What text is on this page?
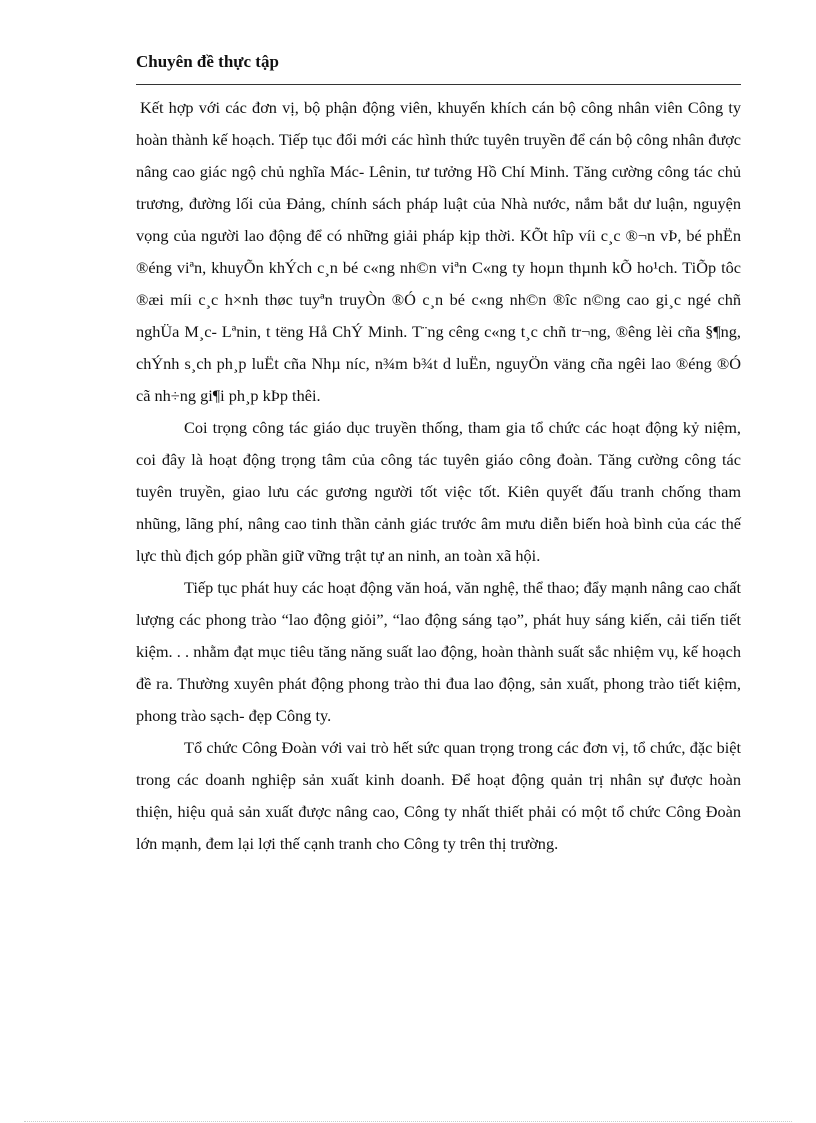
Chuyên đề thực tập

Kết hợp với các đơn vị, bộ phận động viên, khuyến khích cán bộ công nhân viên Công ty hoàn thành kế hoạch. Tiếp tục đổi mới các hình thức tuyên truyền để cán bộ công nhân được nâng cao giác ngộ chủ nghĩa Mác- Lênin, tư tưởng Hồ Chí Minh. Tăng cường công tác chủ trương, đường lối của Đảng, chính sách pháp luật của Nhà nước, nắm bắt dư luận, nguyện vọng của người lao động để có những giải pháp kịp thời. KÕt hîp víi c¸c ®¬n vÞ, bé phËn ®éng viªn, khuyÕn khÝch c¸n bé c«ng nh©n viªn C«ng ty hoµn thµnh kÕ ho¹ch. TiÕp tôc ®æi míi c¸c h×nh thøc tuyªn truyÒn ®Ó c¸n bé c«ng nh©n ®îc n©ng cao gi¸c ngé chñ nghÜa M¸c- Lªnin, t tëng Hå ChÝ Minh. T¨ng cêng c«ng t¸c chñ tr¬ng, ®êng lèi cña §¶ng, chÝnh s¸ch ph¸p luËt cña Nhµ níc, n¾m b¾t d luËn, nguyÖn väng cña ngêi lao ®éng ®Ó cã nh÷ng gi¶i ph¸p kÞp thêi.

Coi trọng công tác giáo dục truyền thống, tham gia tổ chức các hoạt động kỷ niệm, coi đây là hoạt động trọng tâm của công tác tuyên giáo công đoàn. Tăng cường công tác tuyên truyền, giao lưu các gương người tốt việc tốt. Kiên quyết đấu tranh chống tham nhũng, lãng phí, nâng cao tinh thần cảnh giác trước âm mưu diễn biến hoà bình của các thế lực thù địch góp phần giữ vững trật tự an ninh, an toàn xã hội.

Tiếp tục phát huy các hoạt động văn hoá, văn nghệ, thể thao; đẩy mạnh nâng cao chất lượng các phong trào “lao động giỏi”, “lao động sáng tạo”, phát huy sáng kiến, cải tiến tiết kiệm. . . nhằm đạt mục tiêu tăng năng suất lao động, hoàn thành suất sắc nhiệm vụ, kế hoạch đề ra. Thường xuyên phát động phong trào thi đua lao động, sản xuất, phong trào tiết kiệm, phong trào sạch- đẹp Công ty.

Tổ chức Công Đoàn với vai trò hết sức quan trọng trong các đơn vị, tổ chức, đặc biệt trong các doanh nghiệp sản xuất kinh doanh. Để hoạt động quản trị nhân sự được hoàn thiện, hiệu quả sản xuất được nâng cao, Công ty nhất thiết phải có một tổ chức Công Đoàn lớn mạnh, đem lại lợi thế cạnh tranh cho Công ty trên thị trường.
